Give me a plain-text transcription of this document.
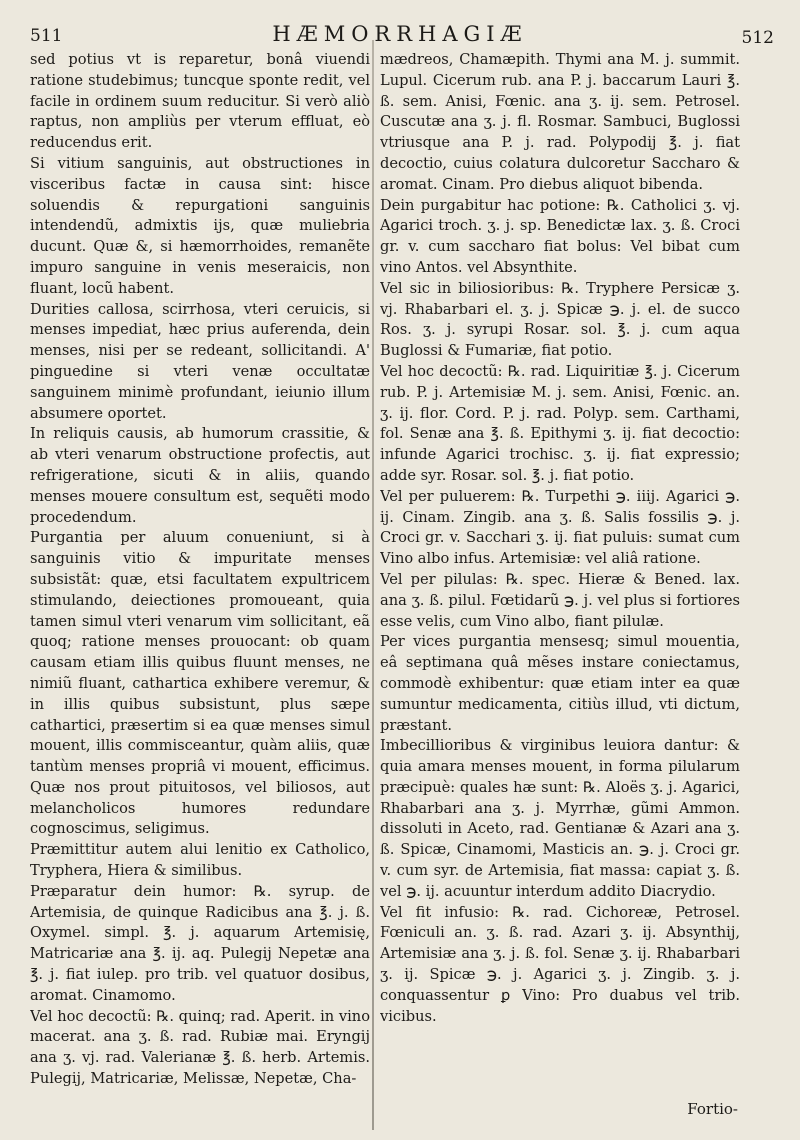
511	HÆMORRHAGIÆ	512

sed potius vt is reparetur, bonâ viuendi ratione studebimus; tuncque sponte redit, vel facile in ordinem suum reducitur. Si verò aliò raptus, non ampliùs per vterum effluat, eò reducendus erit.

Si vitium sanguinis, aut obstructiones in visceribus factæ in causa sint: hisce soluendis & repurgationi sanguinis intendendũ, admixtis ijs, quæ muliebria ducunt. Quæ &, si hæmorrhoides, remanẽte impuro sanguine in venis meseraicis, non fluant, locũ habent.

Durities callosa, scirrhosa, vteri ceruicis, si menses impediat, hæc prius auferenda, dein menses, nisi per se redeant, sollicitandi. A' pinguedine si vteri venæ occultatæ sanguinem minimè profundant, ieiunio illum absumere oportet.

In reliquis causis, ab humorum crassitie, & ab vteri venarum obstructione profectis, aut refrigeratione, sicuti & in aliis, quando menses mouere consultum est, sequẽti modo procedendum.

Purgantia per aluum conueniunt, si à sanguinis vitio & impuritate menses subsistãt: quæ, etsi facultatem expultricem stimulando, deiectiones promoueant, quia tamen simul vteri venarum vim sollicitant, eã quoq; ratione menses prouocant: ob quam causam etiam illis quibus fluunt menses, ne nimiũ fluant, cathartica exhibere veremur, & in illis quibus subsistunt, plus sæpe cathartici, præsertim si ea quæ menses simul mouent, illis commisceantur, quàm aliis, quæ tantùm menses propriâ vi mouent, efficimus. Quæ nos prout pituitosos, vel biliosos, aut melancholicos humores redundare cognoscimus, seligimus.

Præmittitur autem alui lenitio ex Catholico, Tryphera, Hiera & similibus.

Præparatur dein humor: ℞. syrup. de Artemisia, de quinque Radicibus ana ℥. j. ß. Oxymel. simpl. ℥. j. aquarum Artemisię, Matricariæ ana ℥. ij. aq. Pulegij Nepetæ ana ℥. j. fiat iulep. pro trib. vel quatuor dosibus, aromat. Cinamomo.

Vel hoc decoctũ: ℞. quinq; rad. Aperit. in vino macerat. ana ʒ. ß. rad. Rubiæ mai. Eryngij ana ʒ. vj. rad. Valerianæ ℥. ß. herb. Artemis. Pulegij, Matricariæ, Melissæ, Nepetæ, Cha-

mædreos, Chamæpith. Thymi ana M. j. summit. Lupul. Cicerum rub. ana P. j. baccarum Lauri ℥. ß. sem. Anisi, Fœnic. ana ʒ. ij. sem. Petrosel. Cuscutæ ana ʒ. j. fl. Rosmar. Sambuci, Buglossi vtriusque ana P. j. rad. Polypodij ℥. j. fiat decoctio, cuius colatura dulcoretur Saccharo & aromat. Cinam. Pro diebus aliquot bibenda.

Dein purgabitur hac potione: ℞. Catholici ʒ. vj. Agarici troch. ʒ. j. sp. Benedictæ lax. ʒ. ß. Croci gr. v. cum saccharo fiat bolus: Vel bibat cum vino Antos. vel Absynthite.

Vel sic in biliosioribus: ℞. Tryphere Persicæ ʒ. vj. Rhabarbari el. ʒ. j. Spicæ ℈. j. el. de succo Ros. ʒ. j. syrupi Rosar. sol. ℥. j. cum aqua Buglossi & Fumariæ, fiat potio.

Vel hoc decoctũ: ℞. rad. Liquiritiæ ℥. j. Cicerum rub. P. j. Artemisiæ M. j. sem. Anisi, Fœnic. an. ʒ. ij. flor. Cord. P. j. rad. Polyp. sem. Carthami, fol. Senæ ana ℥. ß. Epithymi ʒ. ij. fiat decoctio: infunde Agarici trochisc. ʒ. ij. fiat expressio; adde syr. Rosar. sol. ℥. j. fiat potio.

Vel per puluerem: ℞. Turpethi ℈. iiij. Agarici ℈. ij. Cinam. Zingib. ana ʒ. ß. Salis fossilis ℈. j. Croci gr. v. Sacchari ʒ. ij. fiat puluis: sumat cum Vino albo infus. Artemisiæ: vel aliâ ratione.

Vel per pilulas: ℞. spec. Hieræ & Bened. lax. ana ʒ. ß. pilul. Fœtidarũ ℈. j. vel plus si fortiores esse velis, cum Vino albo, fiant pilulæ.

Per vices purgantia mensesq; simul mouentia, eâ septimana quâ mẽses instare coniectamus, commodè exhibentur: quæ etiam inter ea quæ sumuntur medicamenta, citiùs illud, vti dictum, præstant.

Imbecillioribus & virginibus leuiora dantur: & quia amara menses mouent, in forma pilularum præcipuè: quales hæ sunt: ℞. Aloës ʒ. j. Agarici, Rhabarbari ana ʒ. j. Myrrhæ, gũmi Ammon. dissoluti in Aceto, rad. Gentianæ & Azari ana ʒ. ß. Spicæ, Cinamomi, Masticis an. ℈. j. Croci gr. v. cum syr. de Artemisia, fiat massa: capiat ʒ. ß. vel ℈. ij. acuuntur interdum addito Diacrydio.

Vel fit infusio: ℞. rad. Cichoreæ, Petrosel. Fœniculi an. ʒ. ß. rad. Azari ʒ. ij. Absynthij, Artemisiæ ana ʒ. j. ß. fol. Senæ ʒ. ij. Rhabarbari ʒ. ij. Spicæ ℈. j. Agarici ʒ. j. Zingib. ʒ. j. conquassentur ꝑ Vino: Pro duabus vel trib. vicibus.

Fortio-
